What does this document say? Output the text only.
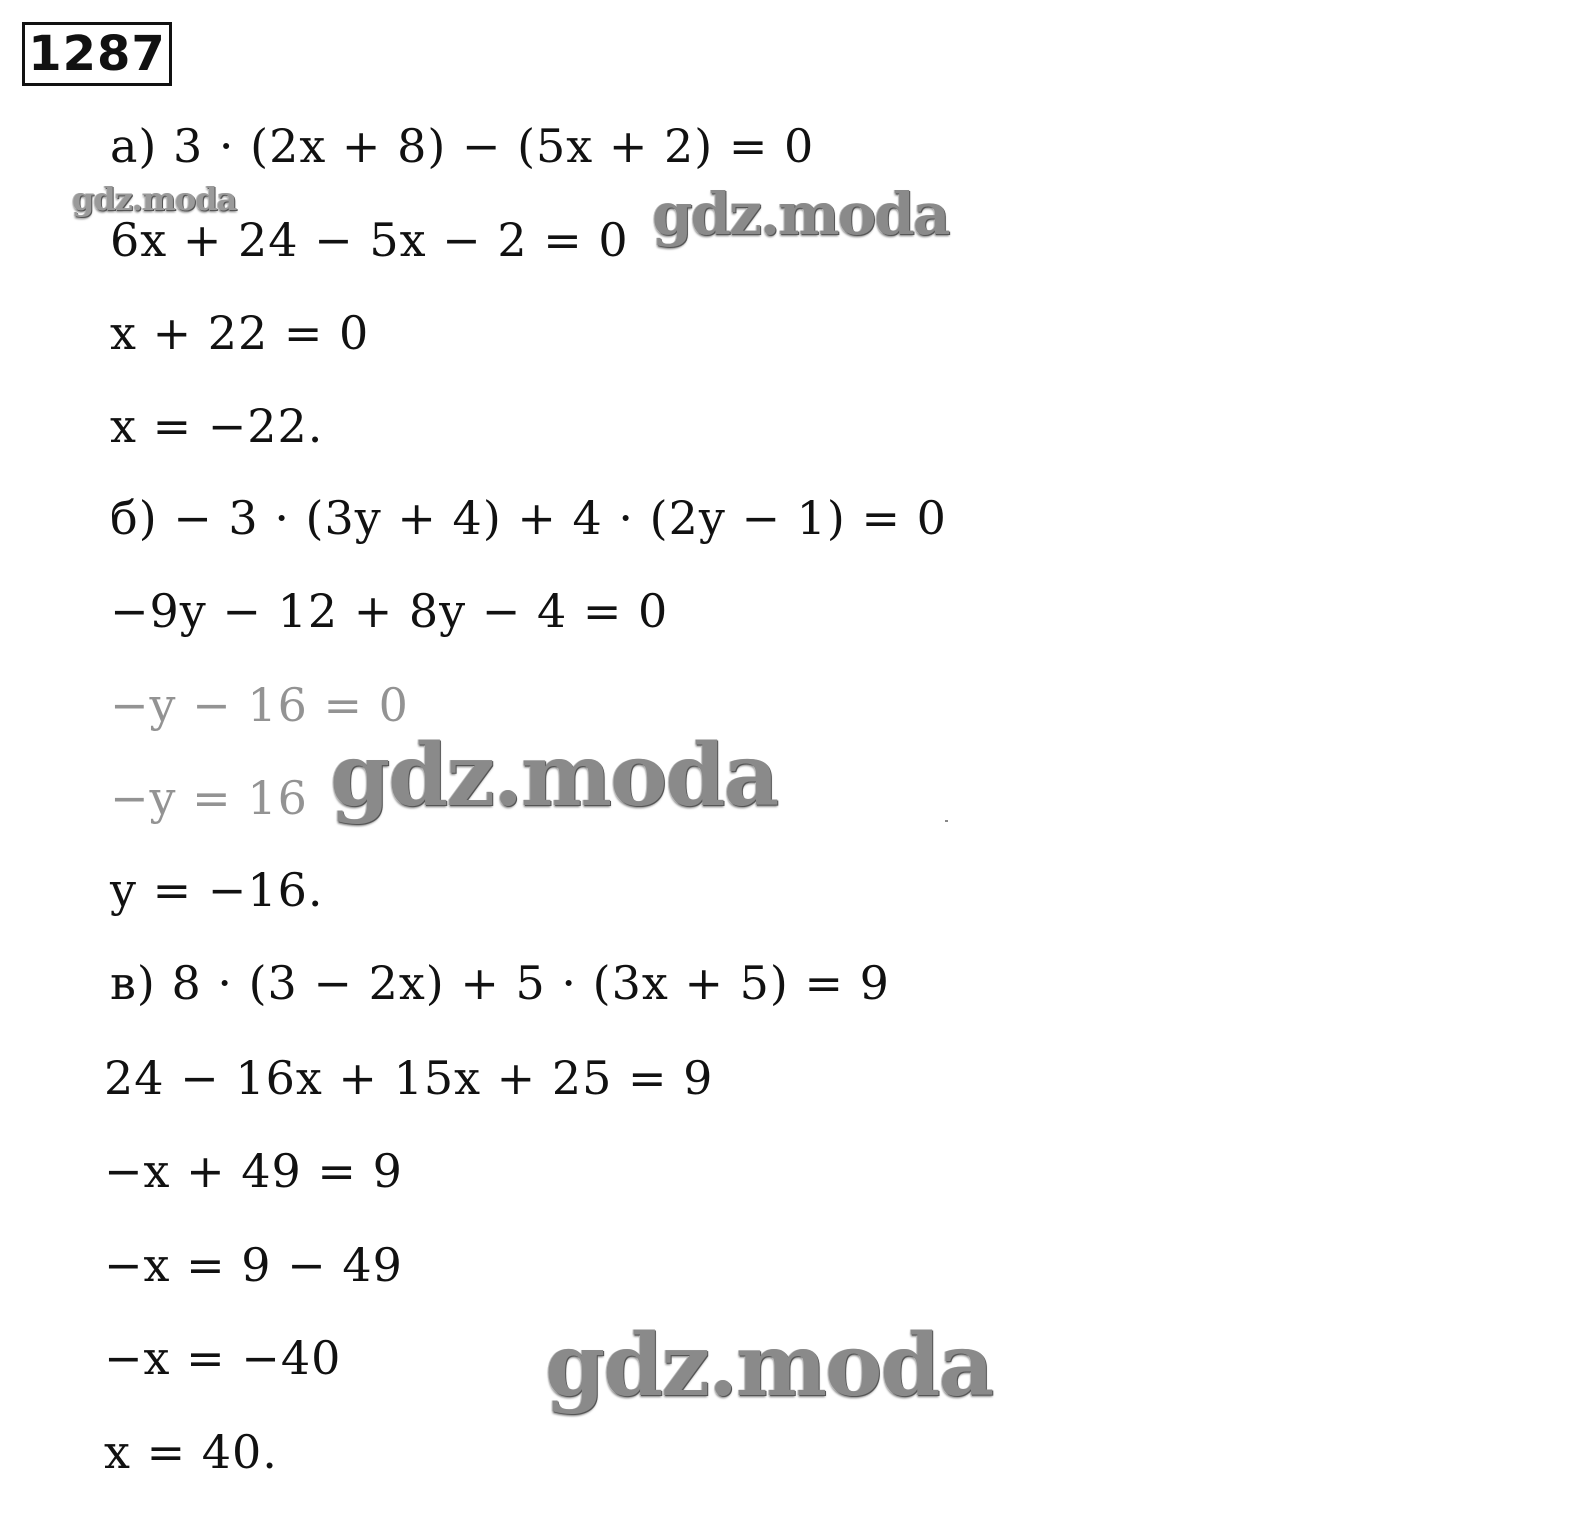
1287
а) 3 · (2x + 8) − (5x + 2) = 0
6x + 24 − 5x − 2 = 0
x + 22 = 0
x = −22.
б) − 3 · (3y + 4) + 4 · (2y − 1) = 0
−9y − 12 + 8y − 4 = 0
y = −16.
в) 8 · (3 − 2x) + 5 · (3x + 5) = 9
24 − 16x + 15x + 25 = 9
−x + 49 = 9
−x = 9 − 49
−x = −40
x = 40.
gdz.moda	gdz.moda
gdz.moda
gdz.moda
